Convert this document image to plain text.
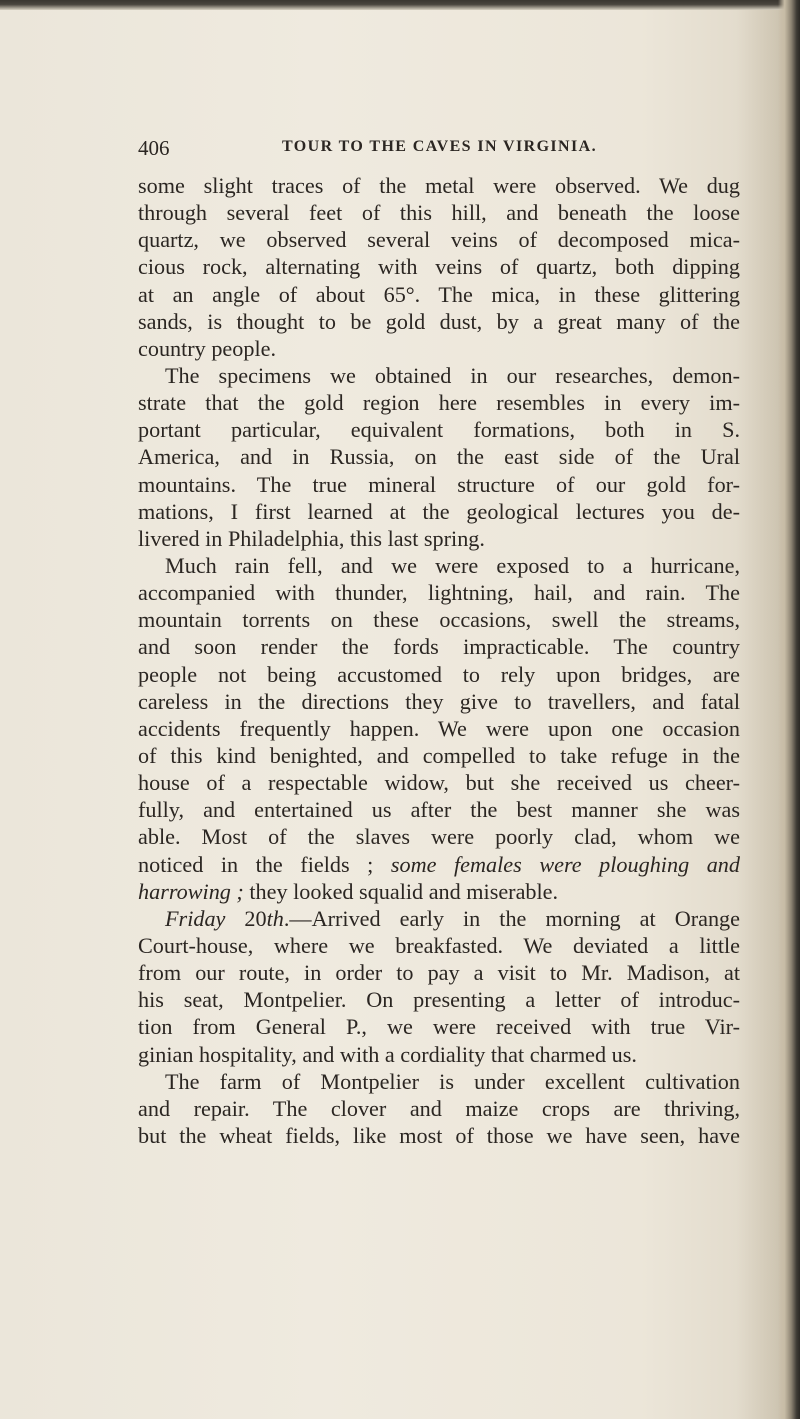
406	TOUR TO THE CAVES IN VIRGINIA.
some slight traces of the metal were observed. We dug
through several feet of this hill, and beneath the loose
quartz, we observed several veins of decomposed mica-
cious rock, alternating with veins of quartz, both dipping
at an angle of about 65°. The mica, in these glittering
sands, is thought to be gold dust, by a great many of the
country people.
The specimens we obtained in our researches, demon-
strate that the gold region here resembles in every im-
portant particular, equivalent formations, both in S.
America, and in Russia, on the east side of the Ural
mountains. The true mineral structure of our gold for-
mations, I first learned at the geological lectures you de-
livered in Philadelphia, this last spring.
Much rain fell, and we were exposed to a hurricane,
accompanied with thunder, lightning, hail, and rain. The
mountain torrents on these occasions, swell the streams,
and soon render the fords impracticable. The country
people not being accustomed to rely upon bridges, are
careless in the directions they give to travellers, and fatal
accidents frequently happen. We were upon one occasion
of this kind benighted, and compelled to take refuge in the
house of a respectable widow, but she received us cheer-
fully, and entertained us after the best manner she was
able. Most of the slaves were poorly clad, whom we
noticed in the fields ; some females were ploughing and
harrowing ; they looked squalid and miserable.
Friday 20th.—Arrived early in the morning at Orange
Court-house, where we breakfasted. We deviated a little
from our route, in order to pay a visit to Mr. Madison, at
his seat, Montpelier. On presenting a letter of introduc-
tion from General P., we were received with true Vir-
ginian hospitality, and with a cordiality that charmed us.
The farm of Montpelier is under excellent cultivation
and repair. The clover and maize crops are thriving,
but the wheat fields, like most of those we have seen, have
